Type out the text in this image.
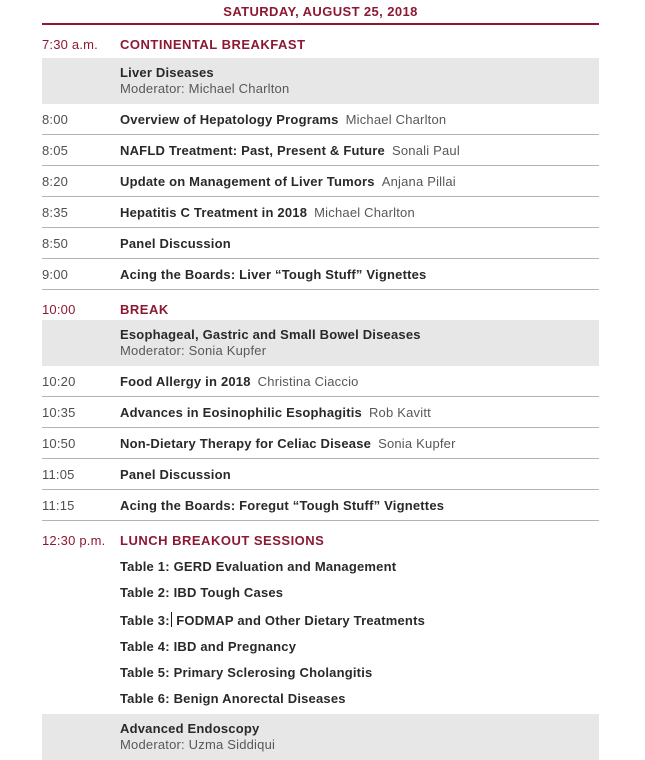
SATURDAY, AUGUST 25, 2018
7:30 a.m.	CONTINENTAL BREAKFAST
Liver Diseases
Moderator: Michael Charlton
8:00	Overview of Hepatology Programs Michael Charlton
8:05	NAFLD Treatment: Past, Present & Future Sonali Paul
8:20	Update on Management of Liver Tumors Anjana Pillai
8:35	Hepatitis C Treatment in 2018 Michael Charlton
8:50	Panel Discussion
9:00	Acing the Boards: Liver “Tough Stuff” Vignettes
10:00	BREAK
Esophageal, Gastric and Small Bowel Diseases
Moderator: Sonia Kupfer
10:20	Food Allergy in 2018 Christina Ciaccio
10:35	Advances in Eosinophilic Esophagitis Rob Kavitt
10:50	Non-Dietary Therapy for Celiac Disease Sonia Kupfer
11:05	Panel Discussion
11:15	Acing the Boards: Foregut “Tough Stuff” Vignettes
12:30 p.m.	LUNCH BREAKOUT SESSIONS
Table 1: GERD Evaluation and Management
Table 2: IBD Tough Cases
Table 3: FODMAP and Other Dietary Treatments
Table 4: IBD and Pregnancy
Table 5: Primary Sclerosing Cholangitis
Table 6: Benign Anorectal Diseases
Advanced Endoscopy
Moderator: Uzma Siddiqui
